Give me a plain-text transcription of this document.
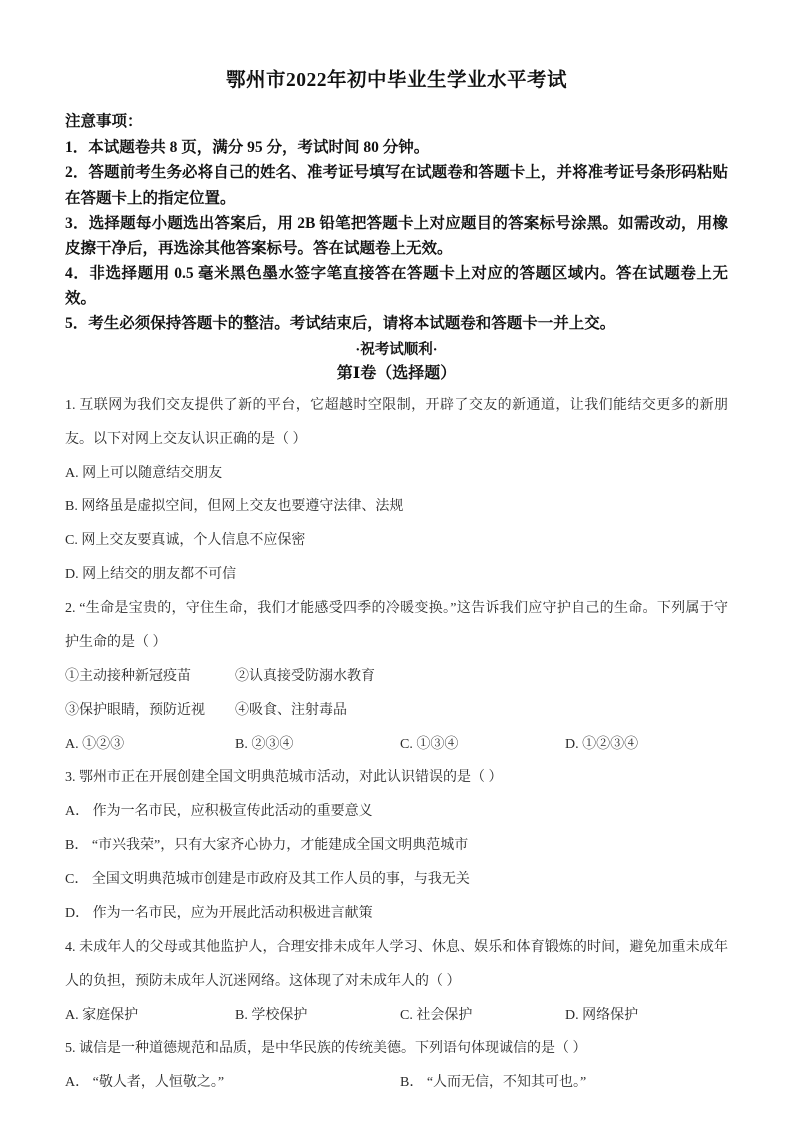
鄂州市2022年初中毕业生学业水平考试

注意事项：

1．本试题卷共 8 页，满分 95 分，考试时间 80 分钟。

2．答题前考生务必将自己的姓名、准考证号填写在试题卷和答题卡上，并将准考证号条形码粘贴在答题卡上的指定位置。

3．选择题每小题选出答案后，用 2B 铅笔把答题卡上对应题目的答案标号涂黑。如需改动，用橡皮擦干净后，再选涂其他答案标号。答在试题卷上无效。

4．非选择题用 0.5 毫米黑色墨水签字笔直接答在答题卡上对应的答题区域内。答在试题卷上无效。

5．考生必须保持答题卡的整洁。考试结束后，请将本试题卷和答题卡一并上交。

·祝考试顺利·

第Ⅰ卷（选择题）

1. 互联网为我们交友提供了新的平台，它超越时空限制，开辟了交友的新通道，让我们能结交更多的新朋友。以下对网上交友认识正确的是（ ）

A. 网上可以随意结交朋友

B. 网络虽是虚拟空间，但网上交友也要遵守法律、法规

C. 网上交友要真诚，个人信息不应保密

D. 网上结交的朋友都不可信

2. “生命是宝贵的，守住生命，我们才能感受四季的冷暖变换。”这告诉我们应守护自己的生命。下列属于守护生命的是（ ）

①主动接种新冠疫苗	②认真接受防溺水教育
③保护眼睛，预防近视	④吸食、注射毒品
A. ①②③	B. ②③④	C. ①③④	D. ①②③④

3. 鄂州市正在开展创建全国文明典范城市活动，对此认识错误的是（ ）

A． 作为一名市民，应积极宣传此活动的重要意义

B． “市兴我荣”，只有大家齐心协力，才能建成全国文明典范城市

C． 全国文明典范城市创建是市政府及其工作人员的事，与我无关

D． 作为一名市民，应为开展此活动积极进言献策

4. 未成年人的父母或其他监护人，合理安排未成年人学习、休息、娱乐和体育锻炼的时间，避免加重未成年人的负担，预防未成年人沉迷网络。这体现了对未成年人的（ ）

A. 家庭保护	B. 学校保护	C. 社会保护	D. 网络保护

5. 诚信是一种道德规范和品质，是中华民族的传统美德。下列语句体现诚信的是（ ）

A． “敬人者，人恒敬之。”	B． “人而无信，不知其可也。”
